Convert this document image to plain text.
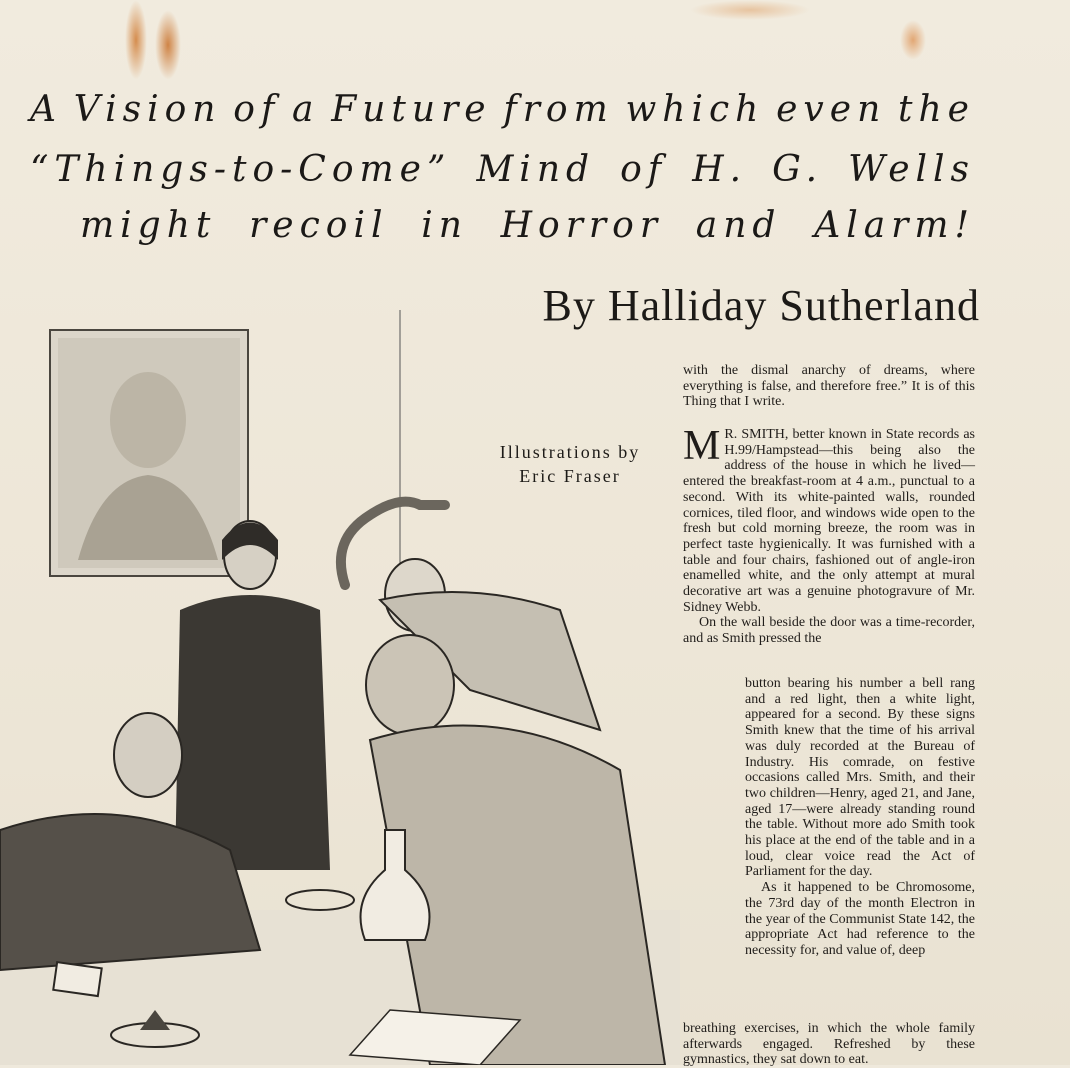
A Vision of a Future from which even the
“Things-to-Come” Mind of H. G. Wells
might recoil in Horror and Alarm!
By Halliday Sutherland
Illustrations by
Eric Fraser

with the dismal anarchy of dreams, where everything is false, and therefore free.” It is of this Thing that I write.

M R. SMITH, better known in State records as H.99/Hampstead—this being also the address of the house in which he lived—entered the breakfast-room at 4 a.m., punctual to a second. With its white-painted walls, rounded cornices, tiled floor, and windows wide open to the fresh but cold morning breeze, the room was in perfect taste hygienically. It was furnished with a table and four chairs, fashioned out of angle-iron enamelled white, and the only attempt at mural decorative art was a genuine photogravure of Mr. Sidney Webb.

On the wall beside the door was a time-recorder, and as Smith pressed the

button bearing his number a bell rang and a red light, then a white light, appeared for a second. By these signs Smith knew that the time of his arrival was duly recorded at the Bureau of Industry. His comrade, on festive occasions called Mrs. Smith, and their two children—Henry, aged 21, and Jane, aged 17—were already standing round the table. Without more ado Smith took his place at the end of the table and in a loud, clear voice read the Act of Parliament for the day.

As it happened to be Chromosome, the 73rd day of the month Electron in the year of the Communist State 142, the appropriate Act had reference to the necessity for, and value of, deep

breathing exercises, in which the whole family afterwards engaged. Refreshed by these gymnastics, they sat down to eat.
